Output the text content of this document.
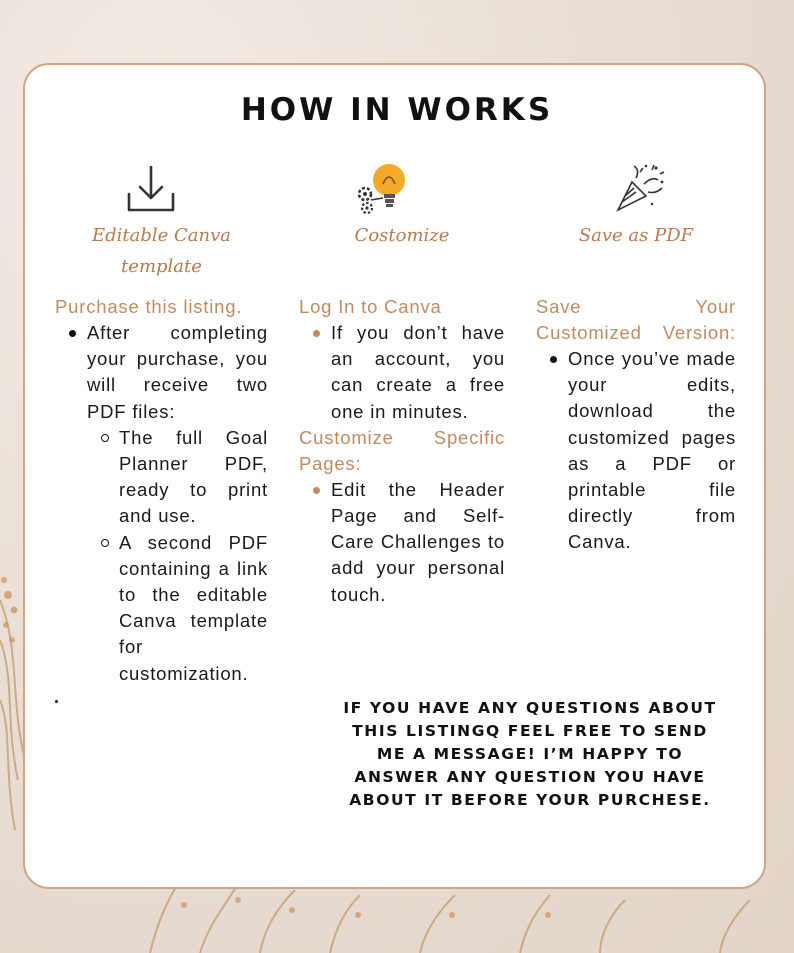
HOW IN WORKS
Editable Canva
template

Purchase this listing.

After completing your purchase, you will receive two PDF files:
The full Goal Planner PDF, ready to print and use.
A second PDF containing a link to the editable Canva template for customization.
Costomize

Log In to Canva

If you don’t have an account, you can create a free one in minutes.

Customize Specific Pages:

Edit the Header Page and Self-Care Challenges to add your personal touch.
Save as PDF

Save Your Customized Version:

Once you’ve made your edits, download the customized pages as a PDF or printable file directly from Canva.
IF YOU HAVE ANY QUESTIONS ABOUT THIS LISTINGQ FEEL FREE TO SEND ME A MESSAGE! I’M HAPPY TO ANSWER ANY QUESTION YOU HAVE ABOUT IT BEFORE YOUR PURCHESE.
